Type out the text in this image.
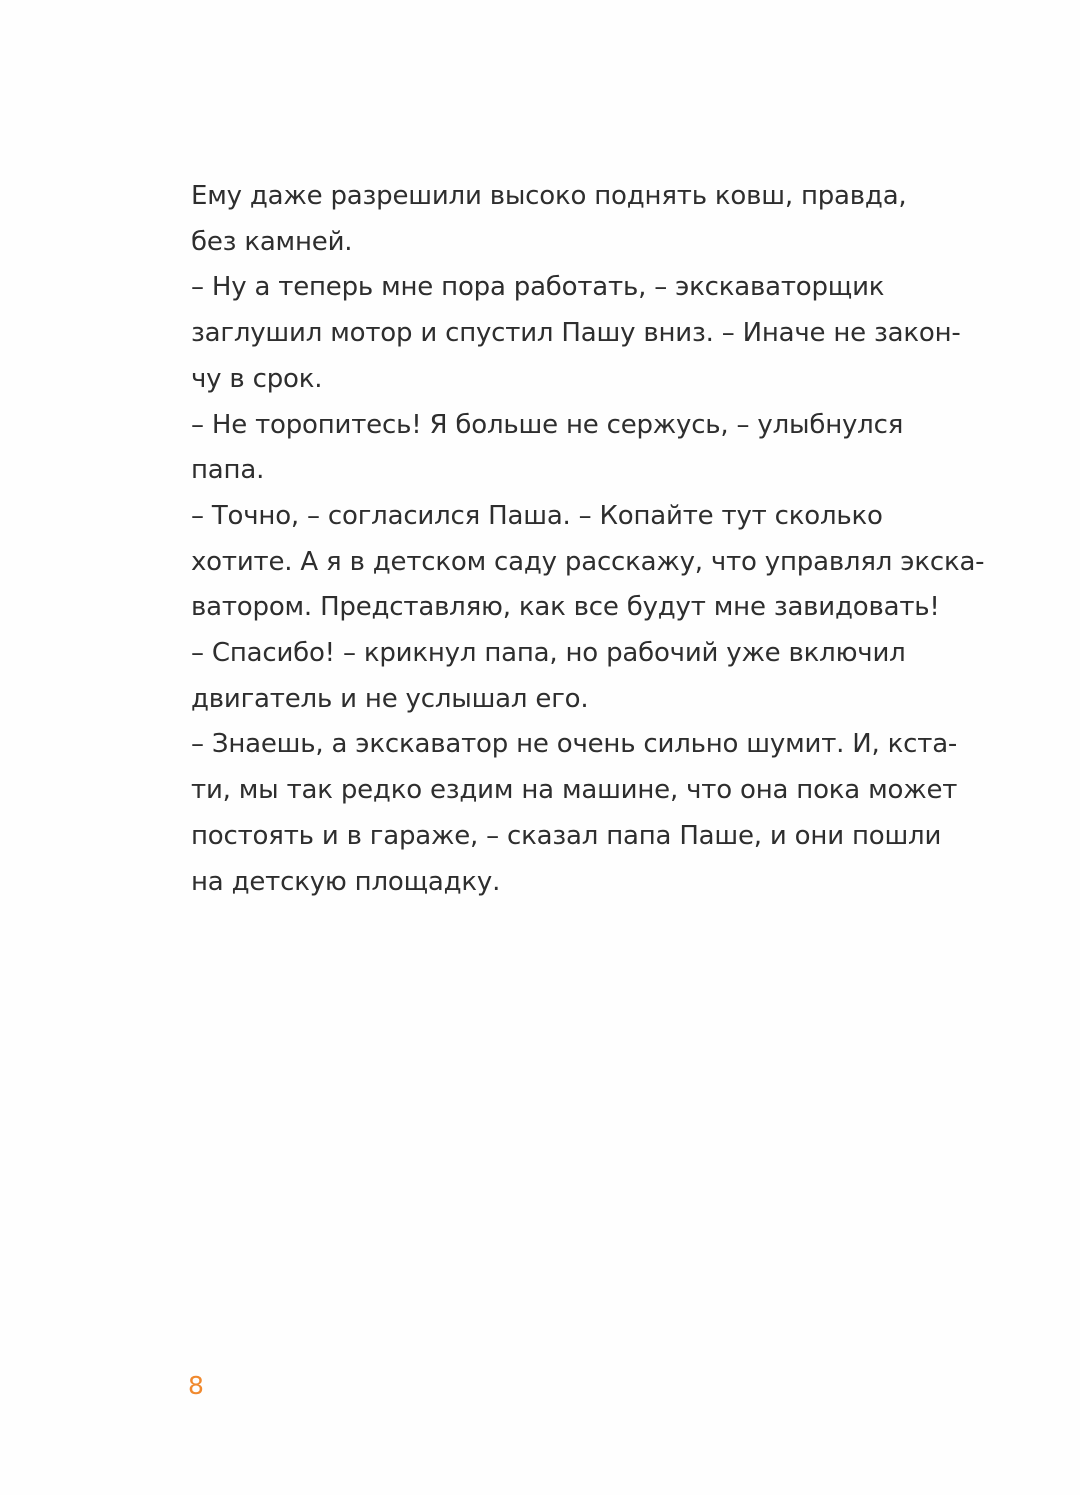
Ему даже разрешили высоко поднять ковш, правда,
без камней.
– Ну а теперь мне пора работать, – экскаваторщик
заглушил мотор и спустил Пашу вниз. – Иначе не закон-
чу в срок.
– Не торопитесь! Я больше не сержусь, – улыбнулся
папа.
– Точно, – согласился Паша. – Копайте тут сколько
хотите. А я в детском саду расскажу, что управлял экска-
ватором. Представляю, как все будут мне завидовать!
– Спасибо! – крикнул папа, но рабочий уже включил
двигатель и не услышал его.
– Знаешь, а экскаватор не очень сильно шумит. И, кста-
ти, мы так редко ездим на машине, что она пока может
постоять и в гараже, – сказал папа Паше, и они пошли
на детскую площадку.
8
